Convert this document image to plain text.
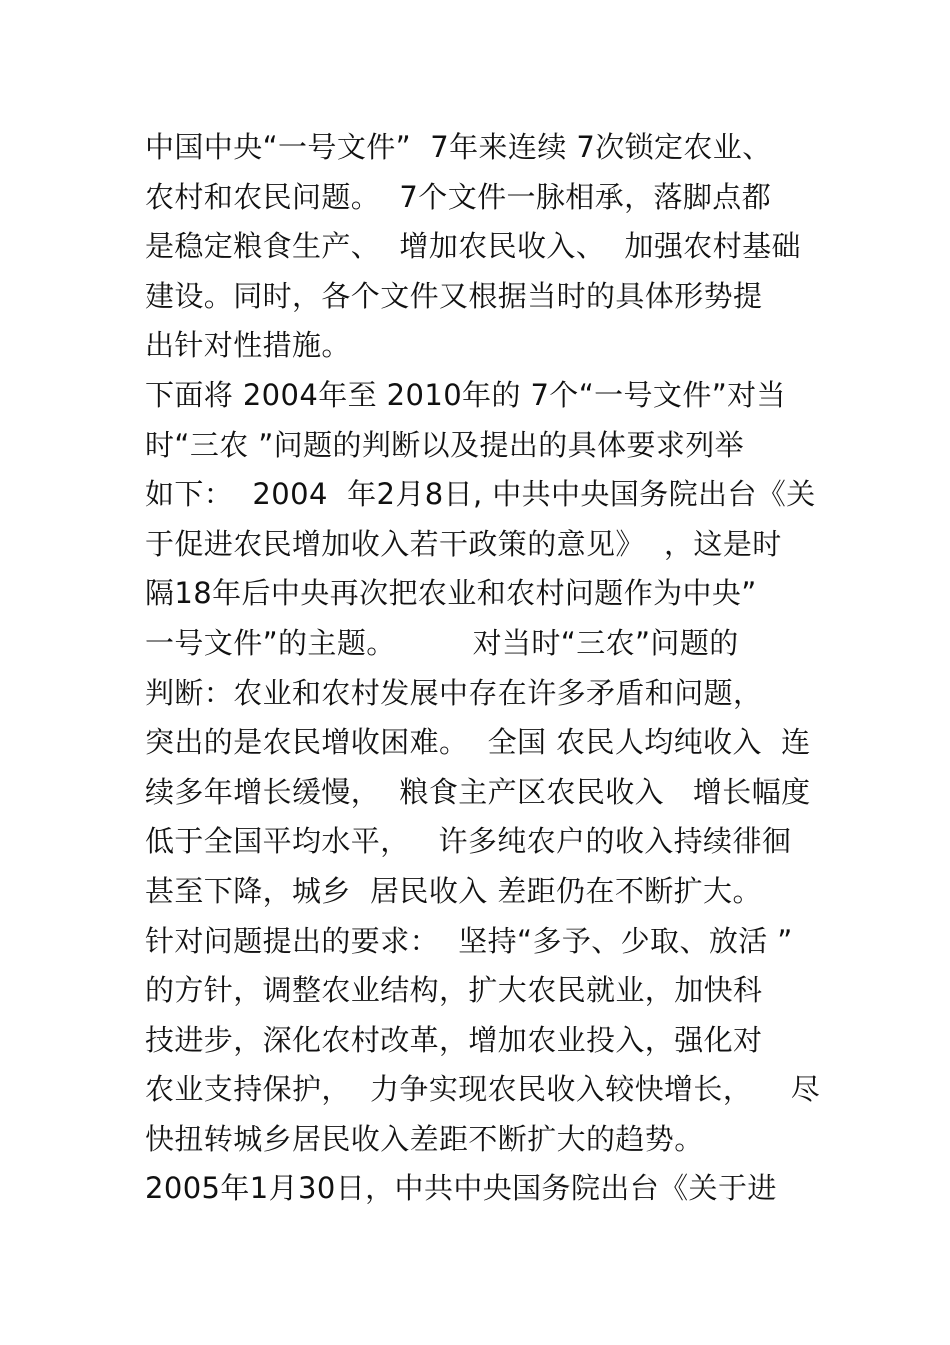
中国中央“一号文件”  7年来连续 7次锁定农业、
农村和农民问题。  7个文件一脉相承，落脚点都
是稳定粮食生产、  增加农民收入、  加强农村基础
建设。同时，各个文件又根据当时的具体形势提
出针对性措施。
下面将 2004年至 2010年的 7个“一号文件”对当
时“三农 ”问题的判断以及提出的具体要求列举
如下：  2004  年2月8日, 中共中央国务院出台《关
于促进农民增加收入若干政策的意见》  ，这是时
隔18年后中央再次把农业和农村问题作为中央”
一号文件”的主题。        对当时“三农”问题的
判断：农业和农村发展中存在许多矛盾和问题，
突出的是农民增收困难。  全国 农民人均纯收入  连
续多年增长缓慢，  粮食主产区农民收入   增长幅度
低于全国平均水平，   许多纯农户的收入持续徘徊
甚至下降，城乡  居民收入 差距仍在不断扩大。
针对问题提出的要求：  坚持“多予、少取、放活 ”
的方针，调整农业结构，扩大农民就业，加快科
技进步，深化农村改革，增加农业投入，强化对
农业支持保护，  力争实现农民收入较快增长，    尽
快扭转城乡居民收入差距不断扩大的趋势。
2005年1月30日，中共中央国务院出台《关于进
